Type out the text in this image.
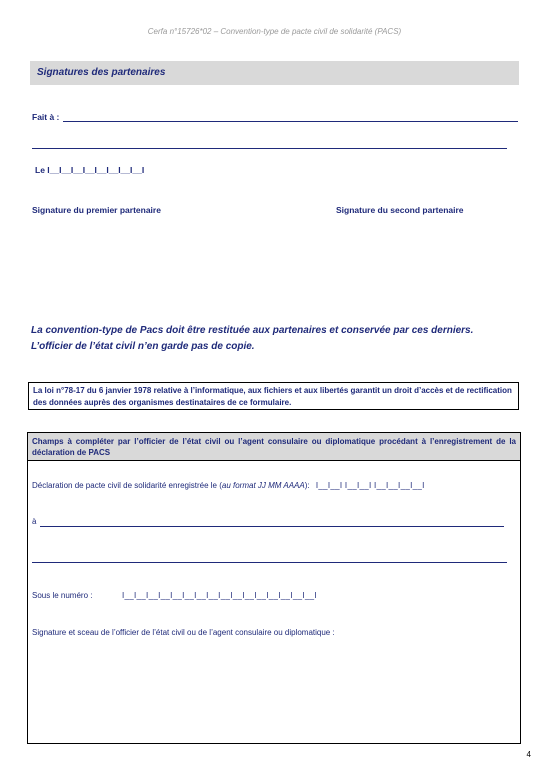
Cerfa n°15726*02 – Convention-type de pacte civil de solidarité (PACS)
Signatures des partenaires
Fait à :
Le I__I__I__I__I__I__I__I__I
Signature du premier partenaire	Signature du second partenaire
La convention-type de Pacs doit être restituée aux partenaires et conservée par ces derniers.
L’officier de l’état civil n’en garde pas de copie.
La loi n°78-17 du 6 janvier 1978 relative à l’informatique, aux fichiers et aux libertés garantit un droit d’accès et de rectification des données auprès des organismes destinataires de ce formulaire.
Champs à compléter par l’officier de l’état civil ou l’agent consulaire ou diplomatique procédant à l’enregistrement de la déclaration de PACS
Déclaration de pacte civil de solidarité enregistrée le (au format JJ MM AAAA): I__I__I I__I__I I__I__I__I__I
à
Sous le numéro :	I__I__I__I__I__I__I__I__I__I__I__I__I__I__I__I__I
Signature et sceau de l’officier de l’état civil ou de l’agent consulaire ou diplomatique :
4
